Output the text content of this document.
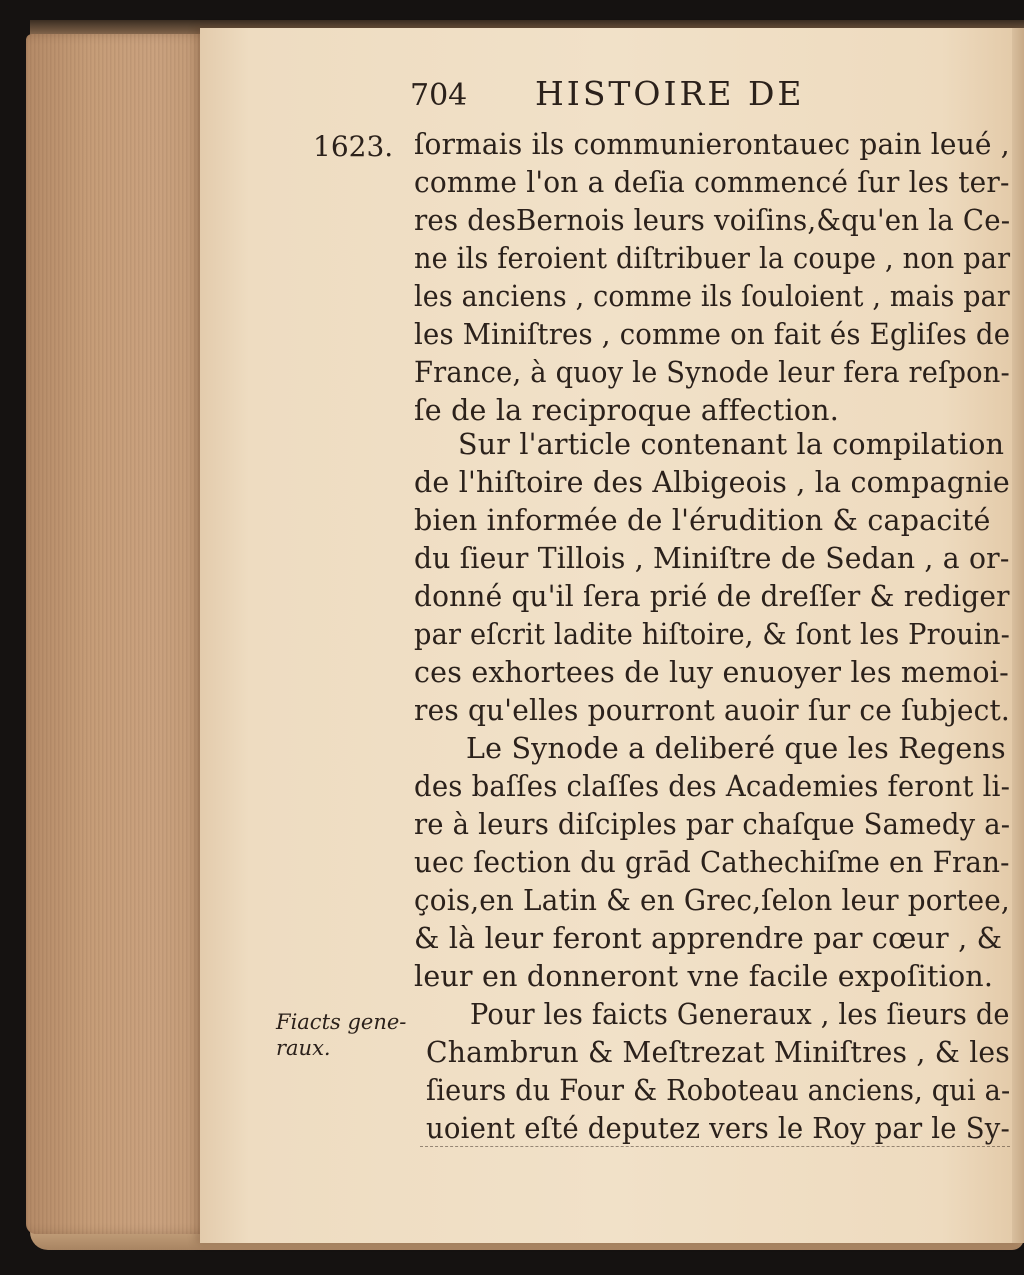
704 HISTOIRE DE
1623.
Fiacts gene-
raux.
ſormais ils communierontauec pain leué ,
comme l'on a deſia commencé ſur les ter-
res desBernois leurs voiſins,&qu'en la Ce-
ne ils feroient diſtribuer la coupe , non par
les anciens , comme ils ſouloient , mais par
les Miniſtres , comme on fait és Egliſes de
France, à quoy le Synode leur fera reſpon-
ſe de la reciproque affection.
Sur l'article contenant la compilation
de l'hiſtoire des Albigeois , la compagnie
bien informée de l'érudition & capacité
du ſieur Tillois , Miniſtre de Sedan , a or-
donné qu'il ſera prié de dreſſer & rediger
par eſcrit ladite hiſtoire, & ſont les Prouin-
ces exhortees de luy enuoyer les memoi-
res qu'elles pourront auoir ſur ce ſubject.
Le Synode a deliberé que les Regens
des baſſes claſſes des Academies feront li-
re à leurs diſciples par chaſque Samedy a-
uec ſection du grād Cathechiſme en Fran-
çois,en Latin & en Grec,ſelon leur portee,
& là leur feront apprendre par cœur , &
leur en donneront vne facile expoſition.
Pour les faicts Generaux , les ſieurs de
Chambrun & Meſtrezat Miniſtres , & les
ſieurs du Four & Roboteau anciens, qui a-
uoient eſté deputez vers le Roy par le Sy-
